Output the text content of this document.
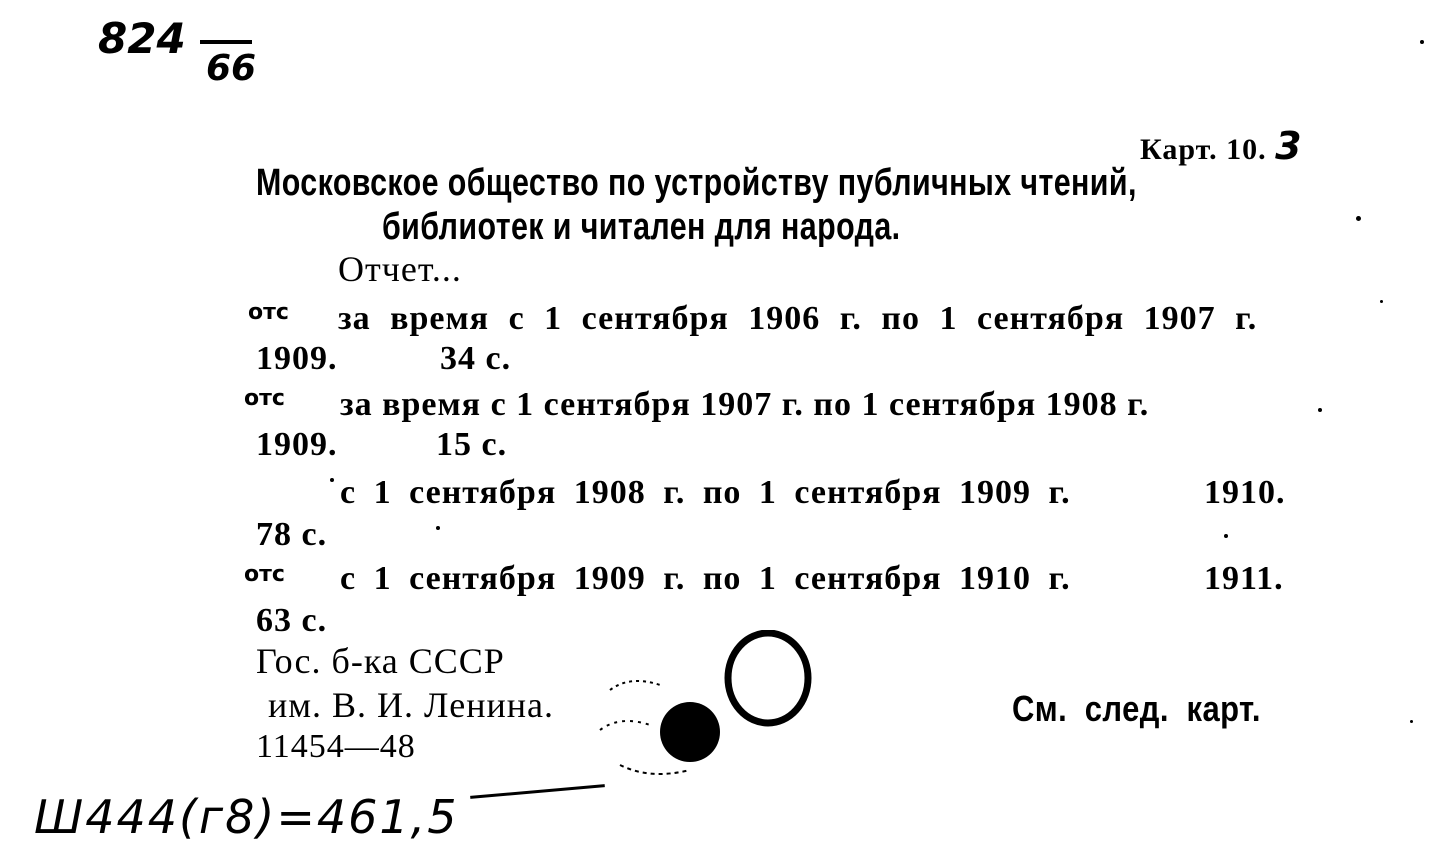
824
66
Карт. 10. 3
Московское общество по устройству публичных чтений,
библиотек и читален для народа.
Отчет...
отс за время с 1 сентября 1906 г. по 1 сентября 1907 г.
1909.	34 с.
отс за время с 1 сентября 1907 г. по 1 сентября 1908 г.
1909.	15 с.
с 1 сентября 1908 г. по 1 сентября 1909 г.	1910.
78 с.
отс с 1 сентября 1909 г. по 1 сентября 1910 г.	1911.
63 с.
Гос. б-ка СССР
им. В. И. Ленина.
11454—48
См. след. карт.
Ш444(г8)=461,5
